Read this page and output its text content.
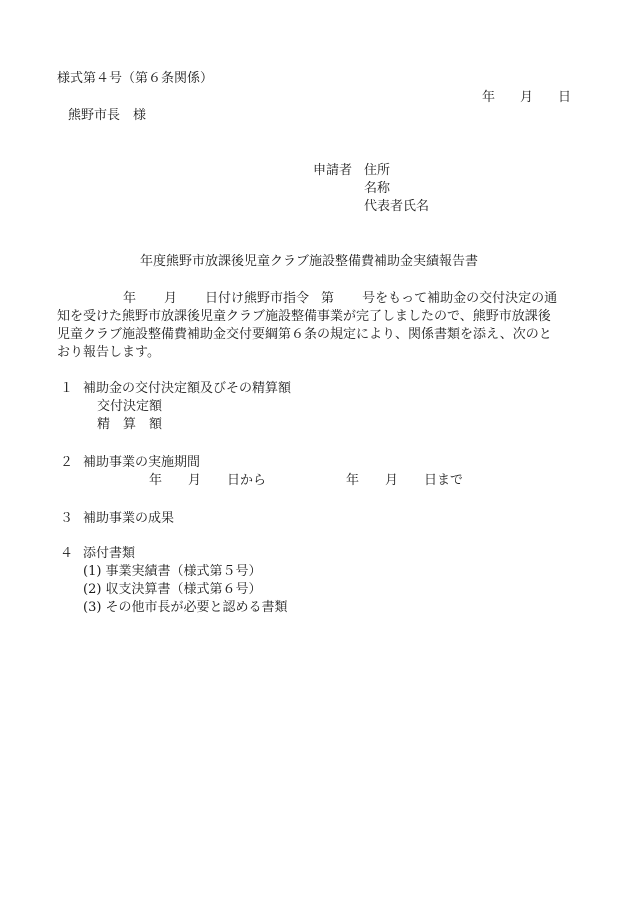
様式第４号（第６条関係）
年 月 日
熊野市長　様
申請者 住所
名称
代表者氏名
年度熊野市放課後児童クラブ施設整備費補助金実績報告書
年 月 日付け熊野市指令 第 号をもって補助金の交付決定の通
知を受けた熊野市放課後児童クラブ施設整備事業が完了しましたので、熊野市放課後
児童クラブ施設整備費補助金交付要綱第６条の規定により、関係書類を添え、次のと
おり報告します。
１ 補助金の交付決定額及びその精算額
交付決定額
精　算　額
２ 補助事業の実施期間
年 月 日から	年 月 日まで
３ 補助事業の成果
４ 添付書類
(1) 事業実績書（様式第５号）
(2) 収支決算書（様式第６号）
(3) その他市長が必要と認める書類
